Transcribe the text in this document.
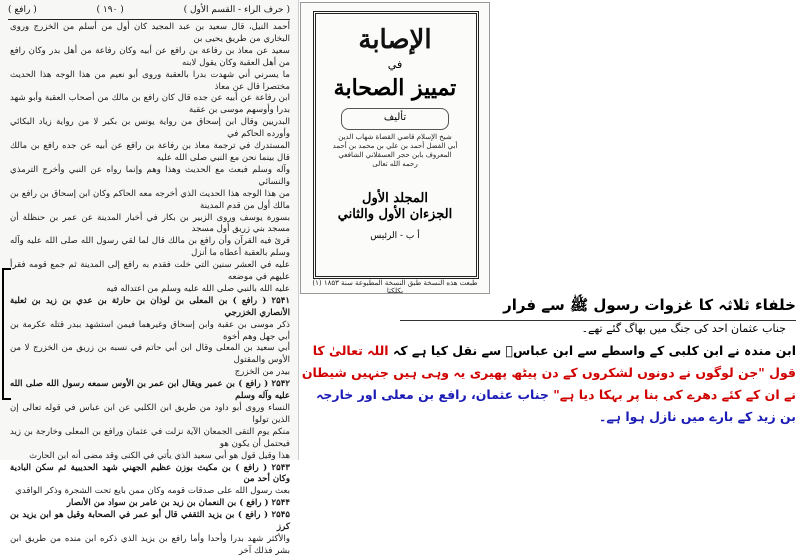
( حرف الراء - القسم الأول )
( ۱۹۰ )
( رافع )

أحمد النيل، قال سعيد بن عبد المجيد كان أول من أسلم من الخزرج وروى البخاري من طريق يحيى بن

سعيد عن معاذ بن رفاعة بن رافع عن أبيه وكان رفاعة من أهل بدر وكان رافع من أهل العقبة وكان يقول لابنه

ما يسرني أني شهدت بدرا بالعقبة وروى أبو نعيم من هذا الوجه هذا الحديث مختصرا قال عن معاذ

ابن رفاعة عن أبيه عن جده قال كان رافع بن مالك من أصحاب العقبة وأبو شهد بدرا وأوسهم موسى بن عقبة

البدريين وقال ابن إسحاق من رواية يونس بن بكير لا من رواية زياد البكائي وأورده الحاكم في

المستدرك في ترجمة معاذ بن رفاعة بن رافع عن أبيه عن جده رافع بن مالك قال بينما نحن مع النبي صلى الله عليه

وآله وسلم فبعث مع الحديث وهذا وهم وإنما رواه عن النبي وأخرج الترمذي والنسائي

من هذا الوجه هذا الحديث الذي أخرجه معه الحاكم وكان ابن إسحاق بن رافع بن مالك أول من قدم المدينة

بسورة يوسف وروى الزبير بن بكار في أخبار المدينة عن عمر بن حنظلة أن مسجد بني زريق أول مسجد

قرئ فيه القرآن وأن رافع بن مالك قال لما لقي رسول الله صلى الله عليه وآله وسلم بالعقبة أعطاه ما أنزل

عليه في العشر سنين التي خلت فقدم به رافع إلى المدينة ثم جمع قومه فقرأ عليهم في موضعه

عليه الله بالنبي صلى الله عليه وسلم من اعتداله فيه

۲۵۴۱ ( رافع ) بن المعلى بن لوذان بن حارثة بن عدي بن زيد بن ثعلبة الأنصاري الخزرجي

ذكر موسى بن عقبة وابن إسحاق وغيرهما فيمن استشهد ببدر قتله عكرمة بن أبي جهل وهم أخوة

أبي سعيد بن المعلى وقال ابن أبي حاتم في نسبه بن زريق من الخزرج لا من الأوس والمقتول

بيدر من الخزرج

۲۵۴۲ ( رافع ) بن عمير ويقال ابن عمر بن الأوس سمعه رسول الله صلى الله عليه وآله وسلم

النساء وروى أبو داود من طريق ابن الكلبي عن ابن عباس في قوله تعالى إن الذين تولوا

منكم يوم التقى الجمعان الآية نزلت في عثمان ورافع بن المعلى وخارجة بن زيد فيحتمل أن يكون هو

هذا وقيل قول هو أبي سعيد الذي يأتي في الكنى وقد مضى أنه ابن الحارث

۲۵۴۳ ( رافع ) بن مكيث بوزن عظيم الجهني شهد الحديبية ثم سكن البادية وكان أحد من

بعث رسول الله على صدقات قومه وكان ممن بايع تحت الشجرة وذكر الواقدي

۲۵۴۴ ( رافع ) بن النعمان بن زيد بن عامر بن سواد من الأنصار

۲۵۴۵ ( رافع ) بن يزيد الثقفي قال أبو عمر في الصحابة وقيل هو ابن يزيد بن كرز

والأكثر شهد بدرا وأحدا وأما رافع بن يزيد الذي ذكره ابن منده من طريق ابن بشر فذلك آخر

الإصابة
في
تمييز الصحابة
تأليف
شيخ الإسلام قاضي القضاة شهاب الدين
أبي الفضل أحمد بن علي بن محمد بن أحمد
المعروف بابن حجر العسقلاني الشافعي
رحمه الله تعالى
المجلد الأول
الجزءان الأول والثاني
أ ب - الرئيس
طبعت هذه النسخة طبق النسخة المطبوعة سنة ۱۸۵۳ (۱) بكلكتا
خلفاء ثلاثہ کا غزوات رسول ﷺ سے فرار
جناب عثمان احد کی جنگ میں بھاگ گئے تھے۔
ابن مندہ نے ابن کلبی کے واسطے سے ابن عباسؓ سے نقل کیا ہے کہ اللہ تعالیٰ کا قول "جن لوگوں نے دونوں لشکروں کے دن پیٹھ پھیری یہ وہی ہیں جنہیں شیطان نے ان کے کئے دھرے کی بنا پر بہکا دیا ہے" جناب عثمان، رافع بن معلی اور خارجہ بن زید کے بارے میں نازل ہوا ہے۔
